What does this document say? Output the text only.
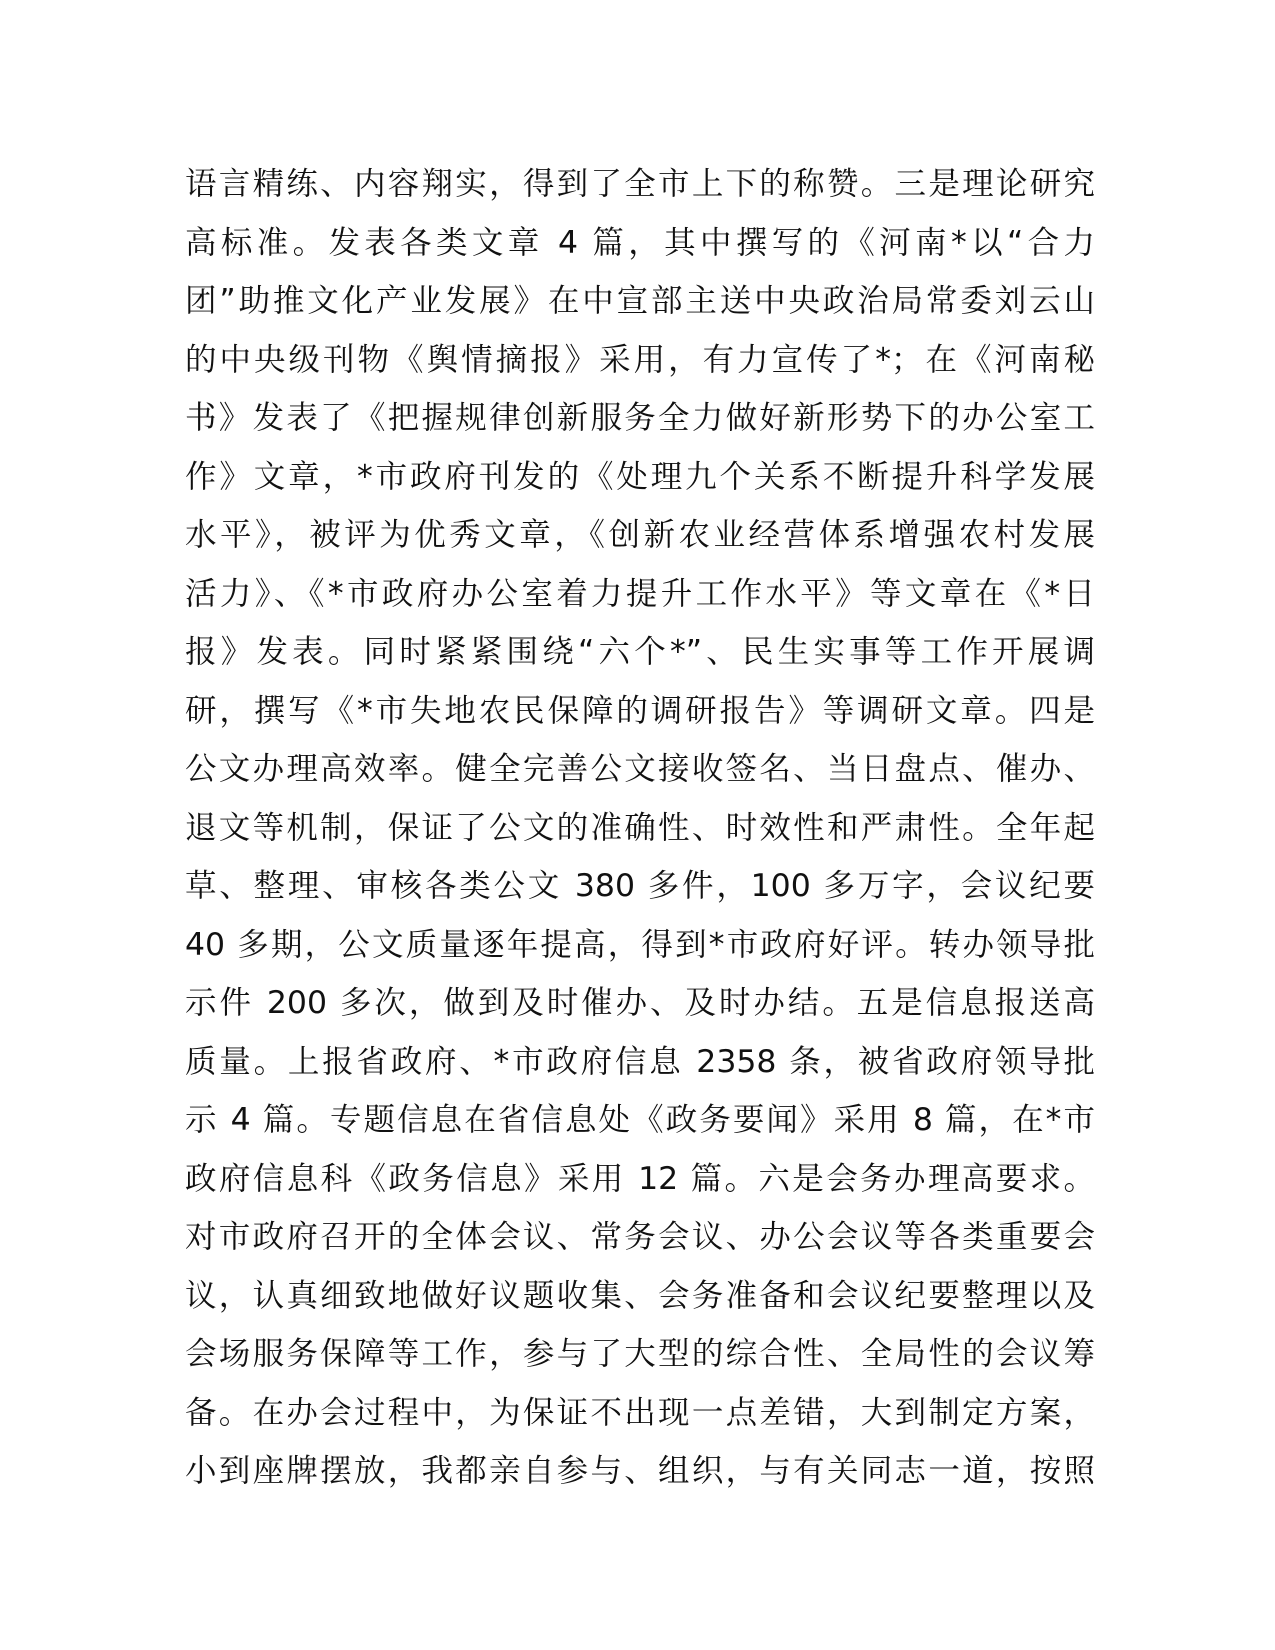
语言精练、内容翔实，得到了全市上下的称赞。三是理论研究
高标准。发表各类文章 4 篇，其中撰写的《河南*以“合力
团”助推文化产业发展》在中宣部主送中央政治局常委刘云山
的中央级刊物《舆情摘报》采用，有力宣传了*；在《河南秘
书》发表了《把握规律创新服务全力做好新形势下的办公室工
作》文章，*市政府刊发的《处理九个关系不断提升科学发展
水平》，被评为优秀文章，《创新农业经营体系增强农村发展
活力》、《*市政府办公室着力提升工作水平》等文章在《*日
报》发表。同时紧紧围绕“六个*”、民生实事等工作开展调
研，撰写《*市失地农民保障的调研报告》等调研文章。四是
公文办理高效率。健全完善公文接收签名、当日盘点、催办、
退文等机制，保证了公文的准确性、时效性和严肃性。全年起
草、整理、审核各类公文 380 多件，100 多万字，会议纪要
40 多期，公文质量逐年提高，得到*市政府好评。转办领导批
示件 200 多次，做到及时催办、及时办结。五是信息报送高
质量。上报省政府、*市政府信息 2358 条，被省政府领导批
示 4 篇。专题信息在省信息处《政务要闻》采用 8 篇，在*市
政府信息科《政务信息》采用 12 篇。六是会务办理高要求。
对市政府召开的全体会议、常务会议、办公会议等各类重要会
议，认真细致地做好议题收集、会务准备和会议纪要整理以及
会场服务保障等工作，参与了大型的综合性、全局性的会议筹
备。在办会过程中，为保证不出现一点差错，大到制定方案，
小到座牌摆放，我都亲自参与、组织，与有关同志一道，按照
